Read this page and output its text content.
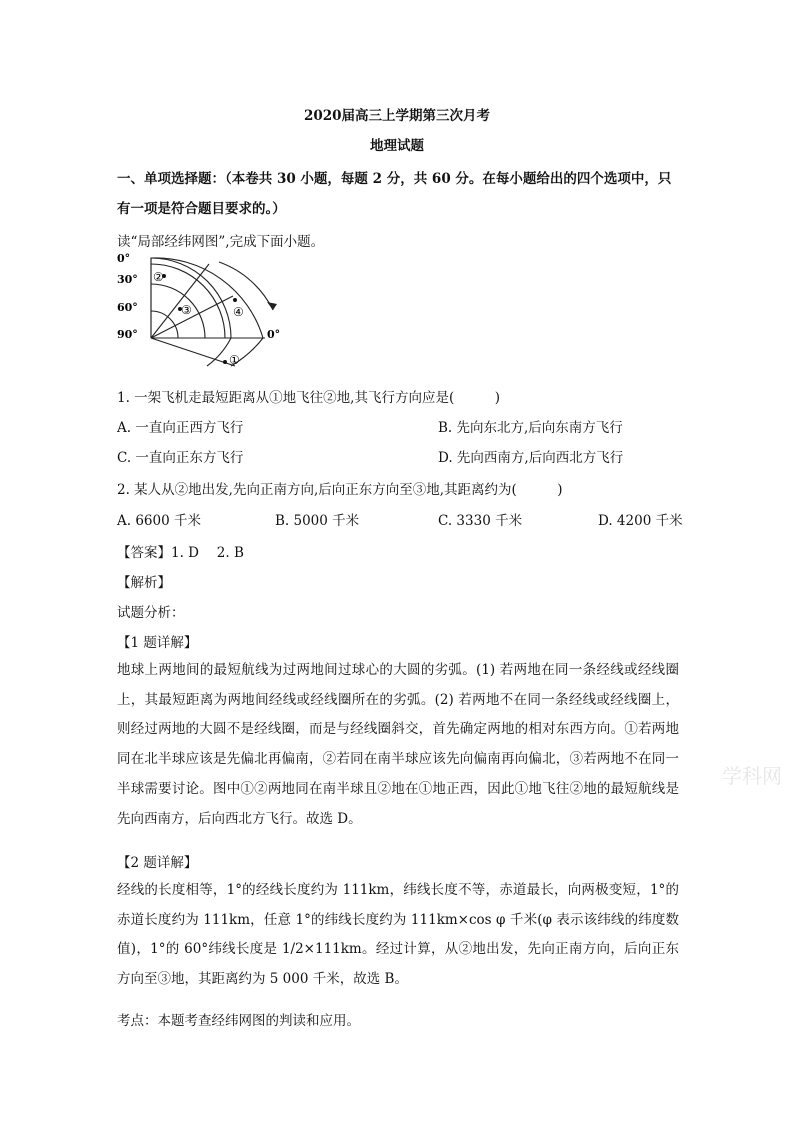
2020届高三上学期第三次月考
地理试题
一、单项选择题：（本卷共 30 小题，每题 2 分，共 60 分。在每小题给出的四个选项中，只
有一项是符合题目要求的。）
读“局部经纬网图”,完成下面小题。
0°
30°
60°
90°	0°
②
③	④
①
1. 一架飞机走最短距离从①地飞往②地,其飞行方向应是(　　　)
A. 一直向正西方飞行	B. 先向东北方,后向东南方飞行
C. 一直向正东方飞行	D. 先向西南方,后向西北方飞行
2. 某人从②地出发,先向正南方向,后向正东方向至③地,其距离约为(　　　)
A. 6600 千米	B. 5000 千米	C. 3330 千米	D. 4200 千米
【答案】1. D　 2. B
【解析】
试题分析：
【1 题详解】
地球上两地间的最短航线为过两地间过球心的大圆的劣弧。(1) 若两地在同一条经线或经线圈上，其最短距离为两地间经线或经线圈所在的劣弧。(2) 若两地不在同一条经线或经线圈上，则经过两地的大圆不是经线圈，而是与经线圈斜交，首先确定两地的相对东西方向。①若两地同在北半球应该是先偏北再偏南，②若同在南半球应该先向偏南再向偏北，③若两地不在同一半球需要讨论。图中①②两地同在南半球且②地在①地正西，因此①地飞往②地的最短航线是先向西南方，后向西北方飞行。故选 D。
【2 题详解】
经线的长度相等，1°的经线长度约为 111km，纬线长度不等，赤道最长，向两极变短，1°的赤道长度约为 111km，任意 1°的纬线长度约为 111km×cos φ 千米(φ 表示该纬线的纬度数值)，1°的 60°纬线长度是 1/2×111km。经过计算，从②地出发，先向正南方向，后向正东方向至③地，其距离约为 5 000 千米，故选 B。
考点：本题考查经纬网图的判读和应用。
学科网
